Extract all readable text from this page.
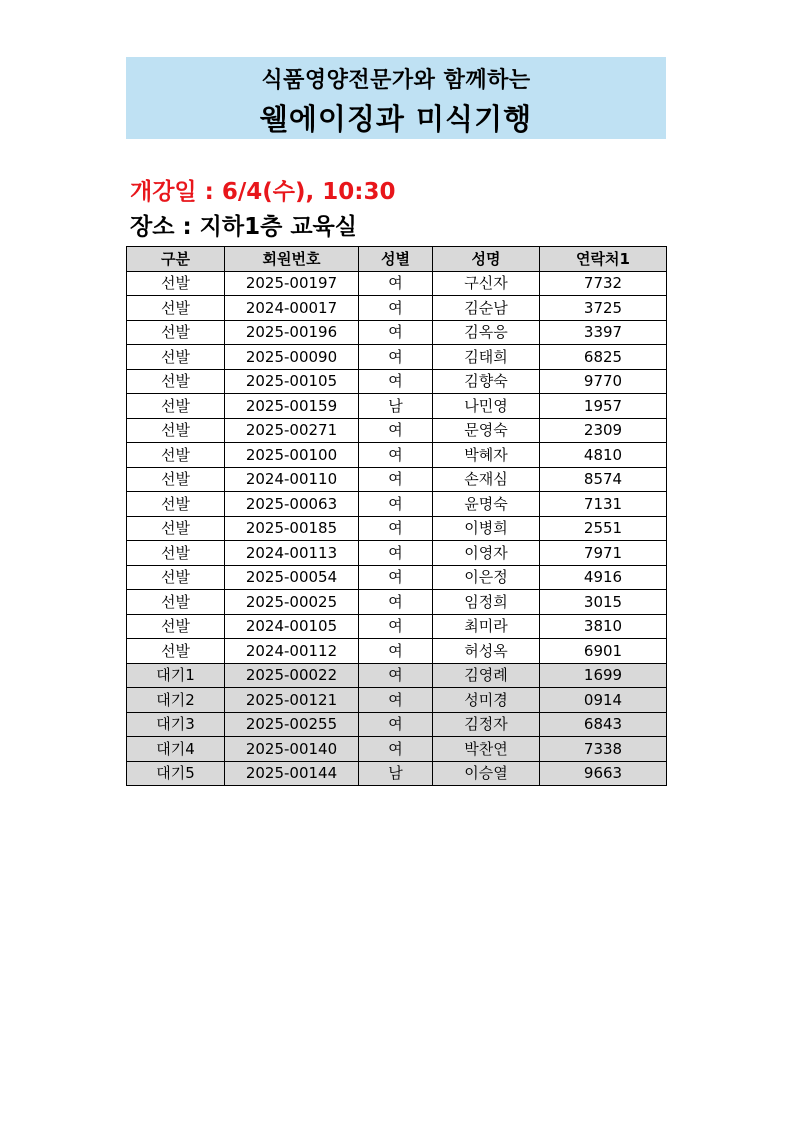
식품영양전문가와 함께하는
웰에이징과 미식기행
개강일 : 6/4(수), 10:30
장소 : 지하1층 교육실
구분	회원번호	성별	성명	연락처1
선발	2025-00197	여	구신자	7732
선발	2024-00017	여	김순남	3725
선발	2025-00196	여	김옥응	3397
선발	2025-00090	여	김태희	6825
선발	2025-00105	여	김향숙	9770
선발	2025-00159	남	나민영	1957
선발	2025-00271	여	문영숙	2309
선발	2025-00100	여	박혜자	4810
선발	2024-00110	여	손재심	8574
선발	2025-00063	여	윤명숙	7131
선발	2025-00185	여	이병희	2551
선발	2024-00113	여	이영자	7971
선발	2025-00054	여	이은정	4916
선발	2025-00025	여	임정희	3015
선발	2024-00105	여	최미라	3810
선발	2024-00112	여	허성옥	6901
대기1	2025-00022	여	김영례	1699
대기2	2025-00121	여	성미경	0914
대기3	2025-00255	여	김정자	6843
대기4	2025-00140	여	박찬연	7338
대기5	2025-00144	남	이승열	9663
